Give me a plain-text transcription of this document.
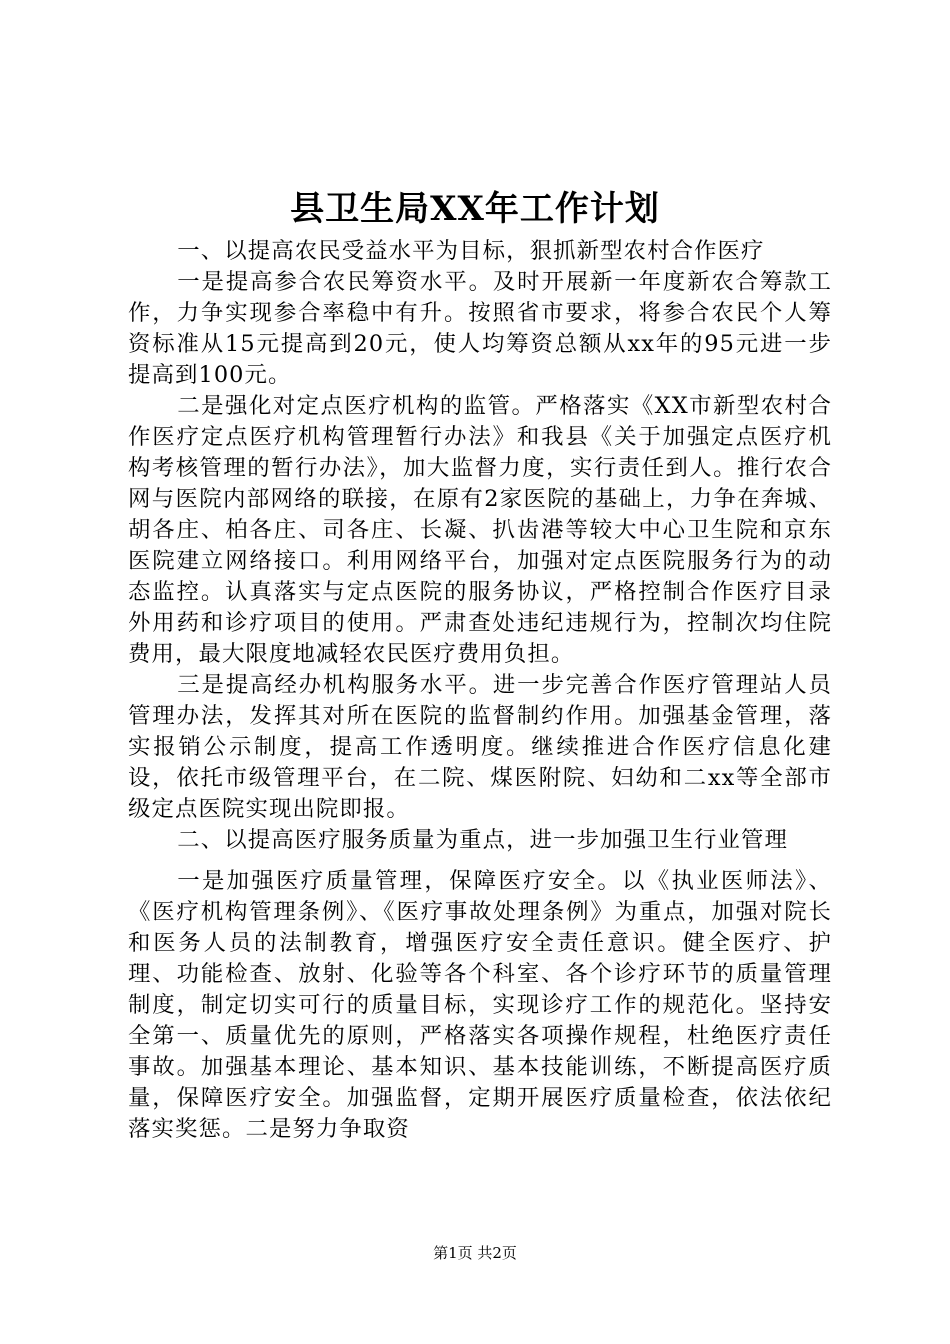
县卫生局XX年工作计划

一、以提高农民受益水平为目标，狠抓新型农村合作医疗

一是提高参合农民筹资水平。及时开展新一年度新农合筹款工作，力争实现参合率稳中有升。按照省市要求，将参合农民个人筹资标准从15元提高到20元，使人均筹资总额从xx年的95元进一步提高到100元。

二是强化对定点医疗机构的监管。严格落实《XX市新型农村合作医疗定点医疗机构管理暂行办法》和我县《关于加强定点医疗机构考核管理的暂行办法》，加大监督力度，实行责任到人。推行农合网与医院内部网络的联接，在原有2家医院的基础上，力争在奔城、胡各庄、柏各庄、司各庄、长凝、扒齿港等较大中心卫生院和京东医院建立网络接口。利用网络平台，加强对定点医院服务行为的动态监控。认真落实与定点医院的服务协议，严格控制合作医疗目录外用药和诊疗项目的使用。严肃查处违纪违规行为，控制次均住院费用，最大限度地减轻农民医疗费用负担。

三是提高经办机构服务水平。进一步完善合作医疗管理站人员管理办法，发挥其对所在医院的监督制约作用。加强基金管理，落实报销公示制度，提高工作透明度。继续推进合作医疗信息化建设，依托市级管理平台，在二院、煤医附院、妇幼和二xx等全部市级定点医院实现出院即报。

二、以提高医疗服务质量为重点，进一步加强卫生行业管理

一是加强医疗质量管理，保障医疗安全。以《执业医师法》、《医疗机构管理条例》、《医疗事故处理条例》为重点，加强对院长和医务人员的法制教育，增强医疗安全责任意识。健全医疗、护理、功能检查、放射、化验等各个科室、各个诊疗环节的质量管理制度，制定切实可行的质量目标，实现诊疗工作的规范化。坚持安全第一、质量优先的原则，严格落实各项操作规程，杜绝医疗责任事故。加强基本理论、基本知识、基本技能训练，不断提高医疗质量，保障医疗安全。加强监督，定期开展医疗质量检查，依法依纪落实奖惩。二是努力争取资

第1页 共2页
